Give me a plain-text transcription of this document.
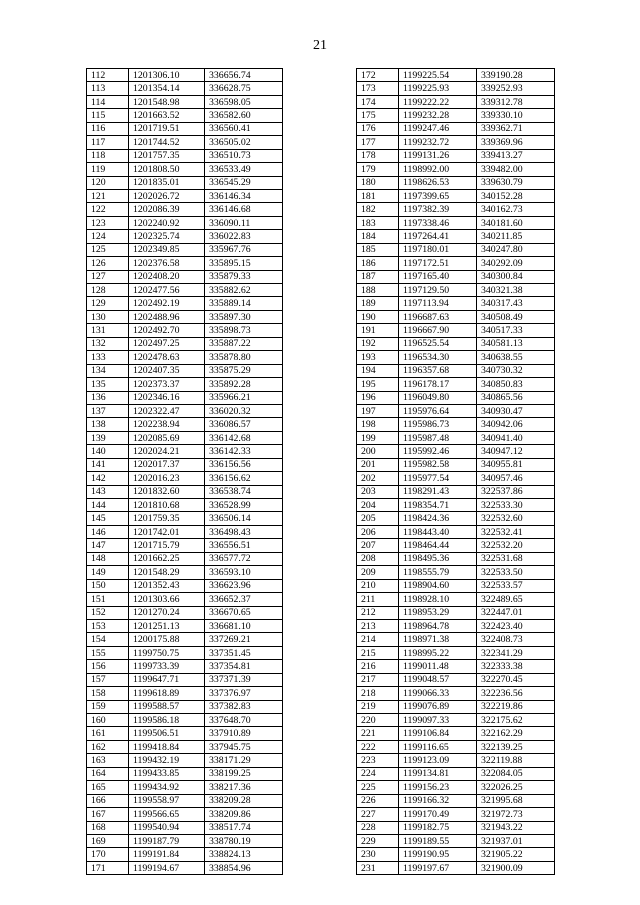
21
112	1201306.10	336656.74
113	1201354.14	336628.75
114	1201548.98	336598.05
115	1201663.52	336582.60
116	1201719.51	336560.41
117	1201744.52	336505.02
118	1201757.35	336510.73
119	1201808.50	336533.49
120	1201835.01	336545.29
121	1202026.72	336146.34
122	1202086.39	336146.68
123	1202240.92	336090.11
124	1202325.74	336022.83
125	1202349.85	335967.76
126	1202376.58	335895.15
127	1202408.20	335879.33
128	1202477.56	335882.62
129	1202492.19	335889.14
130	1202488.96	335897.30
131	1202492.70	335898.73
132	1202497.25	335887.22
133	1202478.63	335878.80
134	1202407.35	335875.29
135	1202373.37	335892.28
136	1202346.16	335966.21
137	1202322.47	336020.32
138	1202238.94	336086.57
139	1202085.69	336142.68
140	1202024.21	336142.33
141	1202017.37	336156.56
142	1202016.23	336156.62
143	1201832.60	336538.74
144	1201810.68	336528.99
145	1201759.35	336506.14
146	1201742.01	336498.43
147	1201715.79	336556.51
148	1201662.25	336577.72
149	1201548.29	336593.10
150	1201352.43	336623.96
151	1201303.66	336652.37
152	1201270.24	336670.65
153	1201251.13	336681.10
154	1200175.88	337269.21
155	1199750.75	337351.45
156	1199733.39	337354.81
157	1199647.71	337371.39
158	1199618.89	337376.97
159	1199588.57	337382.83
160	1199586.18	337648.70
161	1199506.51	337910.89
162	1199418.84	337945.75
163	1199432.19	338171.29
164	1199433.85	338199.25
165	1199434.92	338217.36
166	1199558.97	338209.28
167	1199566.65	338209.86
168	1199540.94	338517.74
169	1199187.79	338780.19
170	1199191.84	338824.13
171	1199194.67	338854.96
172	1199225.54	339190.28
173	1199225.93	339252.93
174	1199222.22	339312.78
175	1199232.28	339330.10
176	1199247.46	339362.71
177	1199232.72	339369.96
178	1199131.26	339413.27
179	1198992.00	339482.00
180	1198626.53	339630.79
181	1197399.65	340152.28
182	1197382.39	340162.73
183	1197338.46	340181.60
184	1197264.41	340211.85
185	1197180.01	340247.80
186	1197172.51	340292.09
187	1197165.40	340300.84
188	1197129.50	340321.38
189	1197113.94	340317.43
190	1196687.63	340508.49
191	1196667.90	340517.33
192	1196525.54	340581.13
193	1196534.30	340638.55
194	1196357.68	340730.32
195	1196178.17	340850.83
196	1196049.80	340865.56
197	1195976.64	340930.47
198	1195986.73	340942.06
199	1195987.48	340941.40
200	1195992.46	340947.12
201	1195982.58	340955.81
202	1195977.54	340957.46
203	1198291.43	322537.86
204	1198354.71	322533.30
205	1198424.36	322532.60
206	1198443.40	322532.41
207	1198464.44	322532.20
208	1198495.36	322531.68
209	1198555.79	322533.50
210	1198904.60	322533.57
211	1198928.10	322489.65
212	1198953.29	322447.01
213	1198964.78	322423.40
214	1198971.38	322408.73
215	1198995.22	322341.29
216	1199011.48	322333.38
217	1199048.57	322270.45
218	1199066.33	322236.56
219	1199076.89	322219.86
220	1199097.33	322175.62
221	1199106.84	322162.29
222	1199116.65	322139.25
223	1199123.09	322119.88
224	1199134.81	322084.05
225	1199156.23	322026.25
226	1199166.32	321995.68
227	1199170.49	321972.73
228	1199182.75	321943.22
229	1199189.55	321937.01
230	1199190.95	321905.22
231	1199197.67	321900.09
